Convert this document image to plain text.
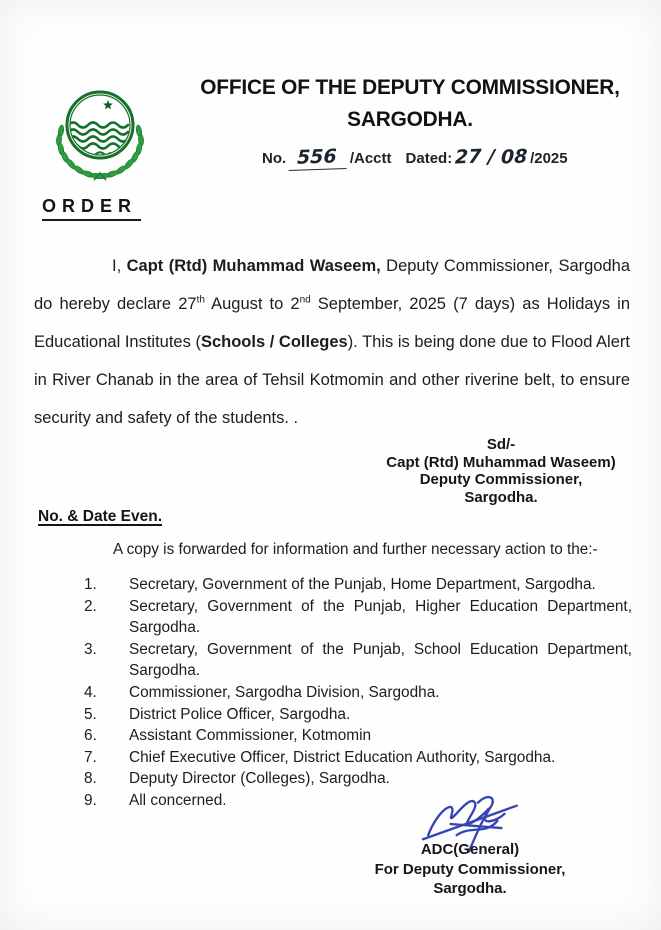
OFFICE OF THE DEPUTY COMMISSIONER,
SARGODHA.
No. 556 /Acctt Dated: 27 / 08 /2025
ORDER

I, Capt (Rtd) Muhammad Waseem, Deputy Commissioner, Sargodha do hereby declare 27th August to 2nd September, 2025 (7 days) as Holidays in Educational Institutes (Schools / Colleges). This is being done due to Flood Alert in River Chanab in the area of Tehsil Kotmomin and other riverine belt, to ensure security and safety of the students. .

Sd/-
Capt (Rtd) Muhammad Waseem)
Deputy Commissioner,
Sargodha.
No. & Date Even.
A copy is forwarded for information and further necessary action to the:-
1.	Secretary, Government of the Punjab, Home Department, Sargodha.
2.	Secretary, Government of the Punjab, Higher Education Department, Sargodha.
3.	Secretary, Government of the Punjab, School Education Department, Sargodha.
4.	Commissioner, Sargodha Division, Sargodha.
5.	District Police Officer, Sargodha.
6.	Assistant Commissioner, Kotmomin
7.	Chief Executive Officer, District Education Authority, Sargodha.
8.	Deputy Director (Colleges), Sargodha.
9.	All concerned.
ADC(General)
For Deputy Commissioner,
Sargodha.
